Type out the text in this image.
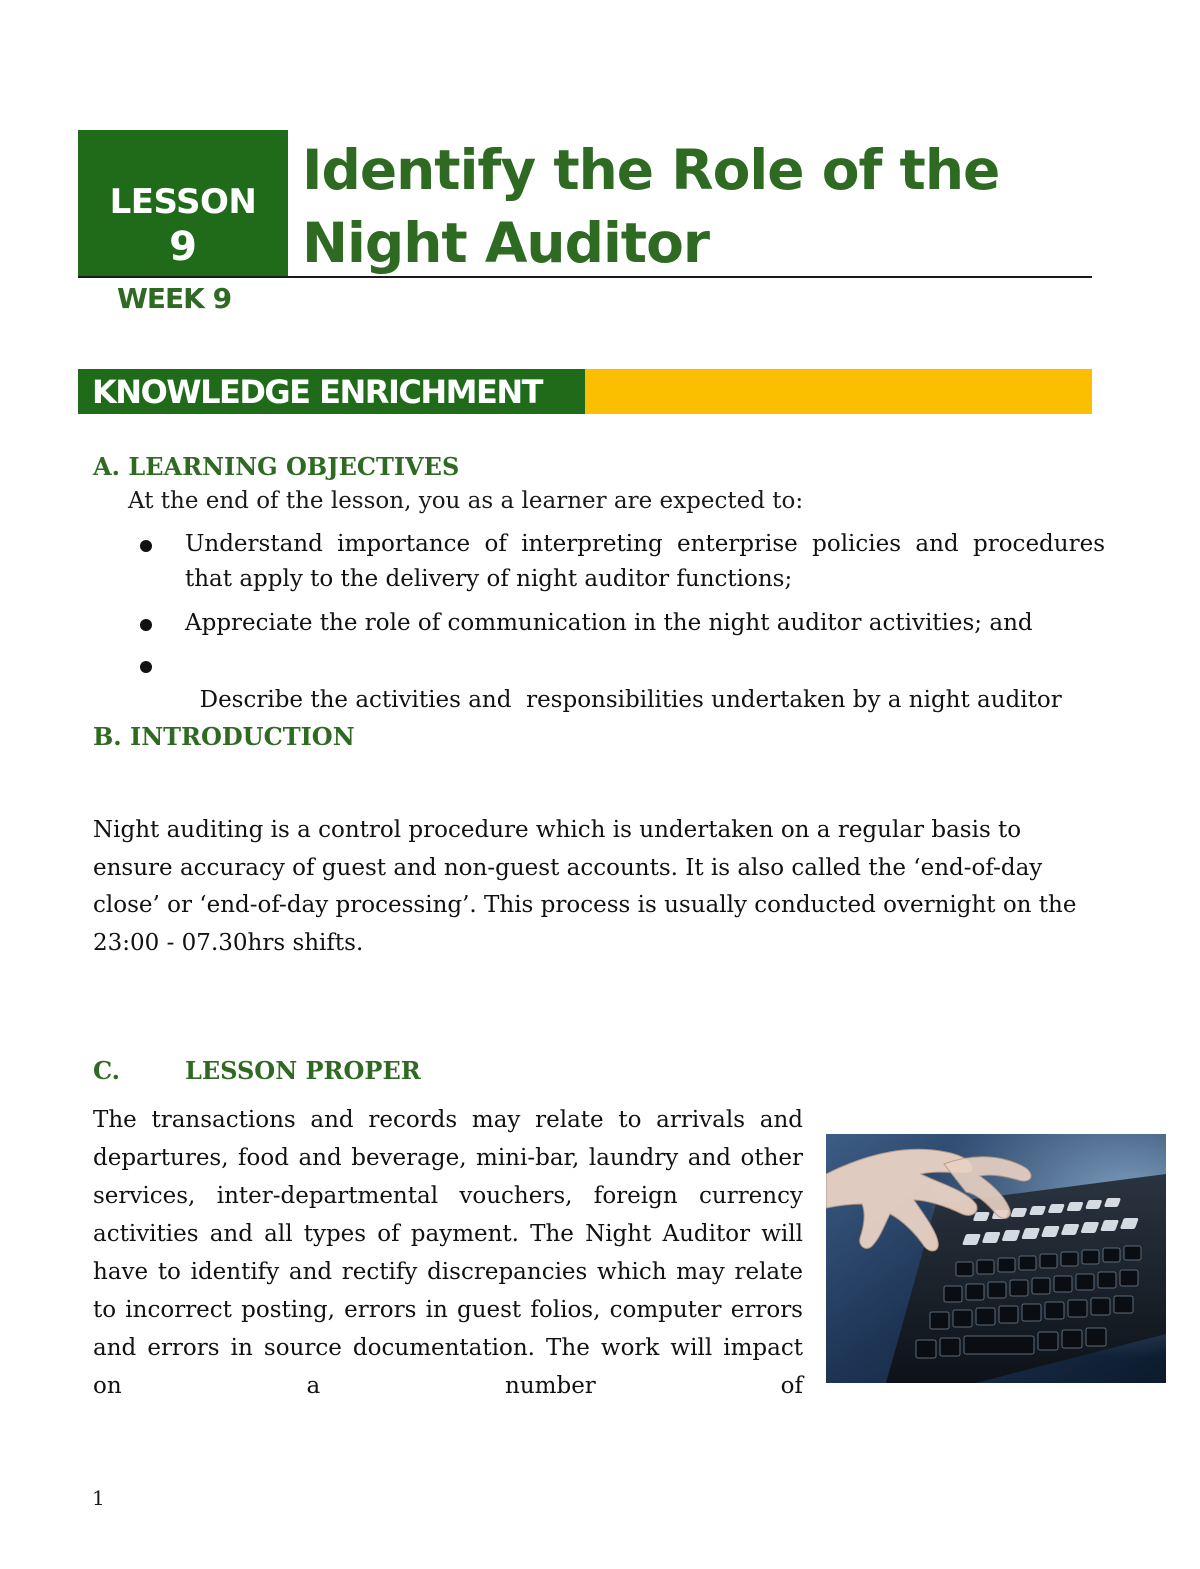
LESSON
9
Identify the Role of the
Night Auditor
WEEK 9
KNOWLEDGE ENRICHMENT
A. LEARNING OBJECTIVES
At the end of the lesson, you as a learner are expected to:
Understand importance of interpreting enterprise policies and procedures that apply to the delivery of night auditor functions;
Appreciate the role of communication in the night auditor activities; and

Describe the activities and  responsibilities undertaken by a night auditor

B. INTRODUCTION
Night auditing is a control procedure which is undertaken on a regular basis to ensure accuracy of guest and non-guest accounts. It is also called the ‘end-of-day close’ or ‘end-of-day processing’. This process is usually conducted overnight on the 23:00 - 07.30hrs shifts.
C.	LESSON PROPER
The transactions and records may relate to arrivals and departures, food and beverage, mini-bar, laundry and other services, inter-departmental vouchers, foreign currency activities and all types of payment. The Night Auditor will have to identify and rectify discrepancies which may relate to incorrect posting, errors in guest folios, computer errors and errors in source documentation. The work will impact on a number of
1
